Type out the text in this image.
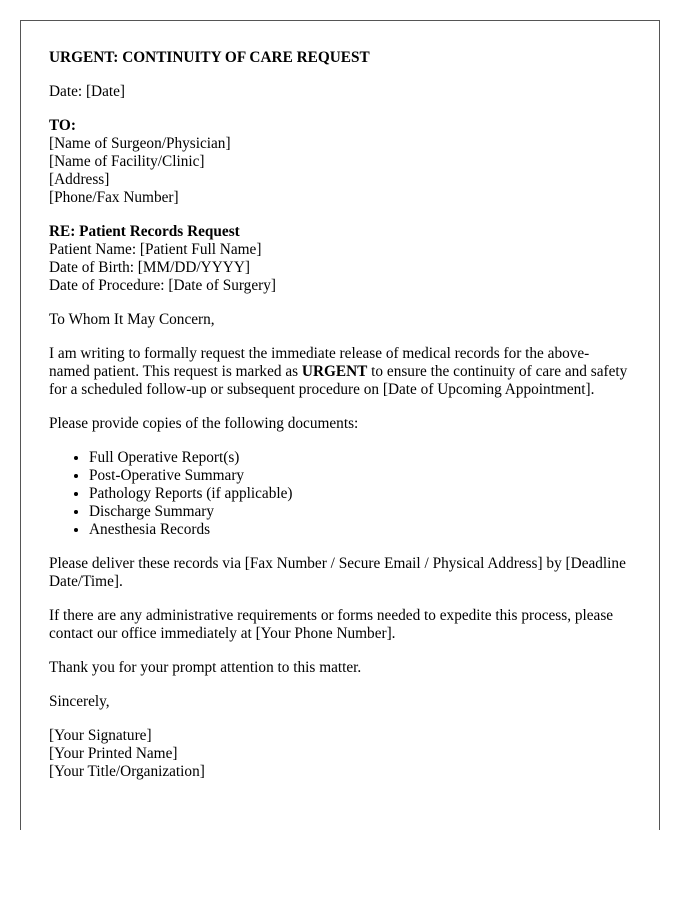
URGENT: CONTINUITY OF CARE REQUEST
Date: [Date]
TO:
[Name of Surgeon/Physician]
[Name of Facility/Clinic]
[Address]
[Phone/Fax Number]
RE: Patient Records Request
Patient Name: [Patient Full Name]
Date of Birth: [MM/DD/YYYY]
Date of Procedure: [Date of Surgery]
To Whom It May Concern,
I am writing to formally request the immediate release of medical records for the above-named patient. This request is marked as URGENT to ensure the continuity of care and safety for a scheduled follow-up or subsequent procedure on [Date of Upcoming Appointment].
Please provide copies of the following documents:
• Full Operative Report(s)
• Post-Operative Summary
• Pathology Reports (if applicable)
• Discharge Summary
• Anesthesia Records
Please deliver these records via [Fax Number / Secure Email / Physical Address] by [Deadline Date/Time].
If there are any administrative requirements or forms needed to expedite this process, please contact our office immediately at [Your Phone Number].
Thank you for your prompt attention to this matter.
Sincerely,
[Your Signature]
[Your Printed Name]
[Your Title/Organization]
